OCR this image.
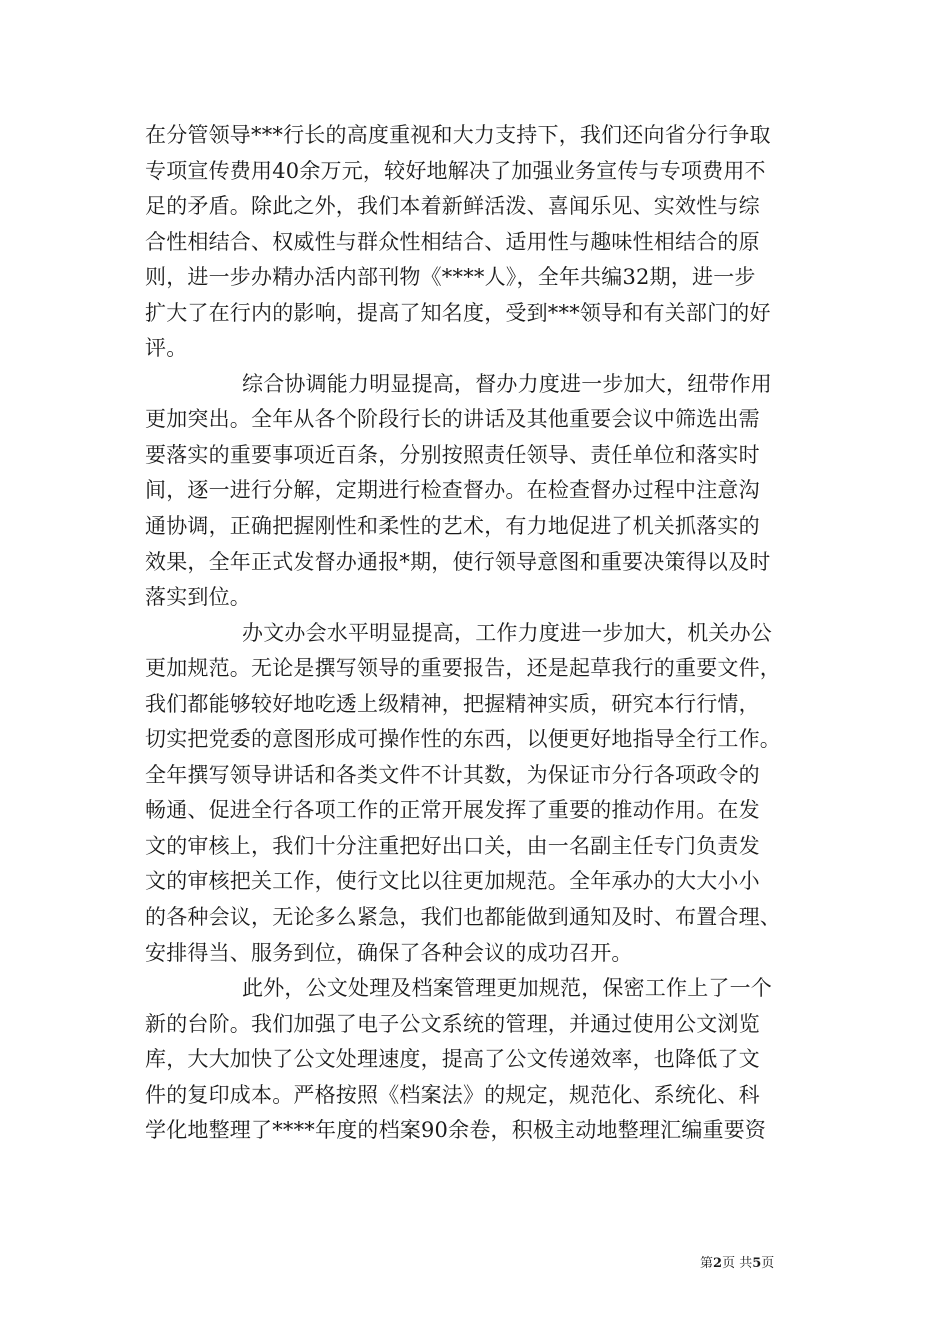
在分管领导***行长的高度重视和大力支持下，我们还向省分行争取
专项宣传费用40余万元，较好地解决了加强业务宣传与专项费用不
足的矛盾。除此之外，我们本着新鲜活泼、喜闻乐见、实效性与综
合性相结合、权威性与群众性相结合、适用性与趣味性相结合的原
则，进一步办精办活内部刊物《****人》，全年共编32期，进一步
扩大了在行内的影响，提高了知名度，受到***领导和有关部门的好
评。
综合协调能力明显提高，督办力度进一步加大，纽带作用
更加突出。全年从各个阶段行长的讲话及其他重要会议中筛选出需
要落实的重要事项近百条，分别按照责任领导、责任单位和落实时
间，逐一进行分解，定期进行检查督办。在检查督办过程中注意沟
通协调，正确把握刚性和柔性的艺术，有力地促进了机关抓落实的
效果，全年正式发督办通报*期，使行领导意图和重要决策得以及时
落实到位。
办文办会水平明显提高，工作力度进一步加大，机关办公
更加规范。无论是撰写领导的重要报告，还是起草我行的重要文件，
我们都能够较好地吃透上级精神，把握精神实质，研究本行行情，
切实把党委的意图形成可操作性的东西，以便更好地指导全行工作。
全年撰写领导讲话和各类文件不计其数，为保证市分行各项政令的
畅通、促进全行各项工作的正常开展发挥了重要的推动作用。在发
文的审核上，我们十分注重把好出口关，由一名副主任专门负责发
文的审核把关工作，使行文比以往更加规范。全年承办的大大小小
的各种会议，无论多么紧急，我们也都能做到通知及时、布置合理、
安排得当、服务到位，确保了各种会议的成功召开。
此外，公文处理及档案管理更加规范，保密工作上了一个
新的台阶。我们加强了电子公文系统的管理，并通过使用公文浏览
库，大大加快了公文处理速度，提高了公文传递效率，也降低了文
件的复印成本。严格按照《档案法》的规定，规范化、系统化、科
学化地整理了****年度的档案90余卷，积极主动地整理汇编重要资
第2页 共5页
